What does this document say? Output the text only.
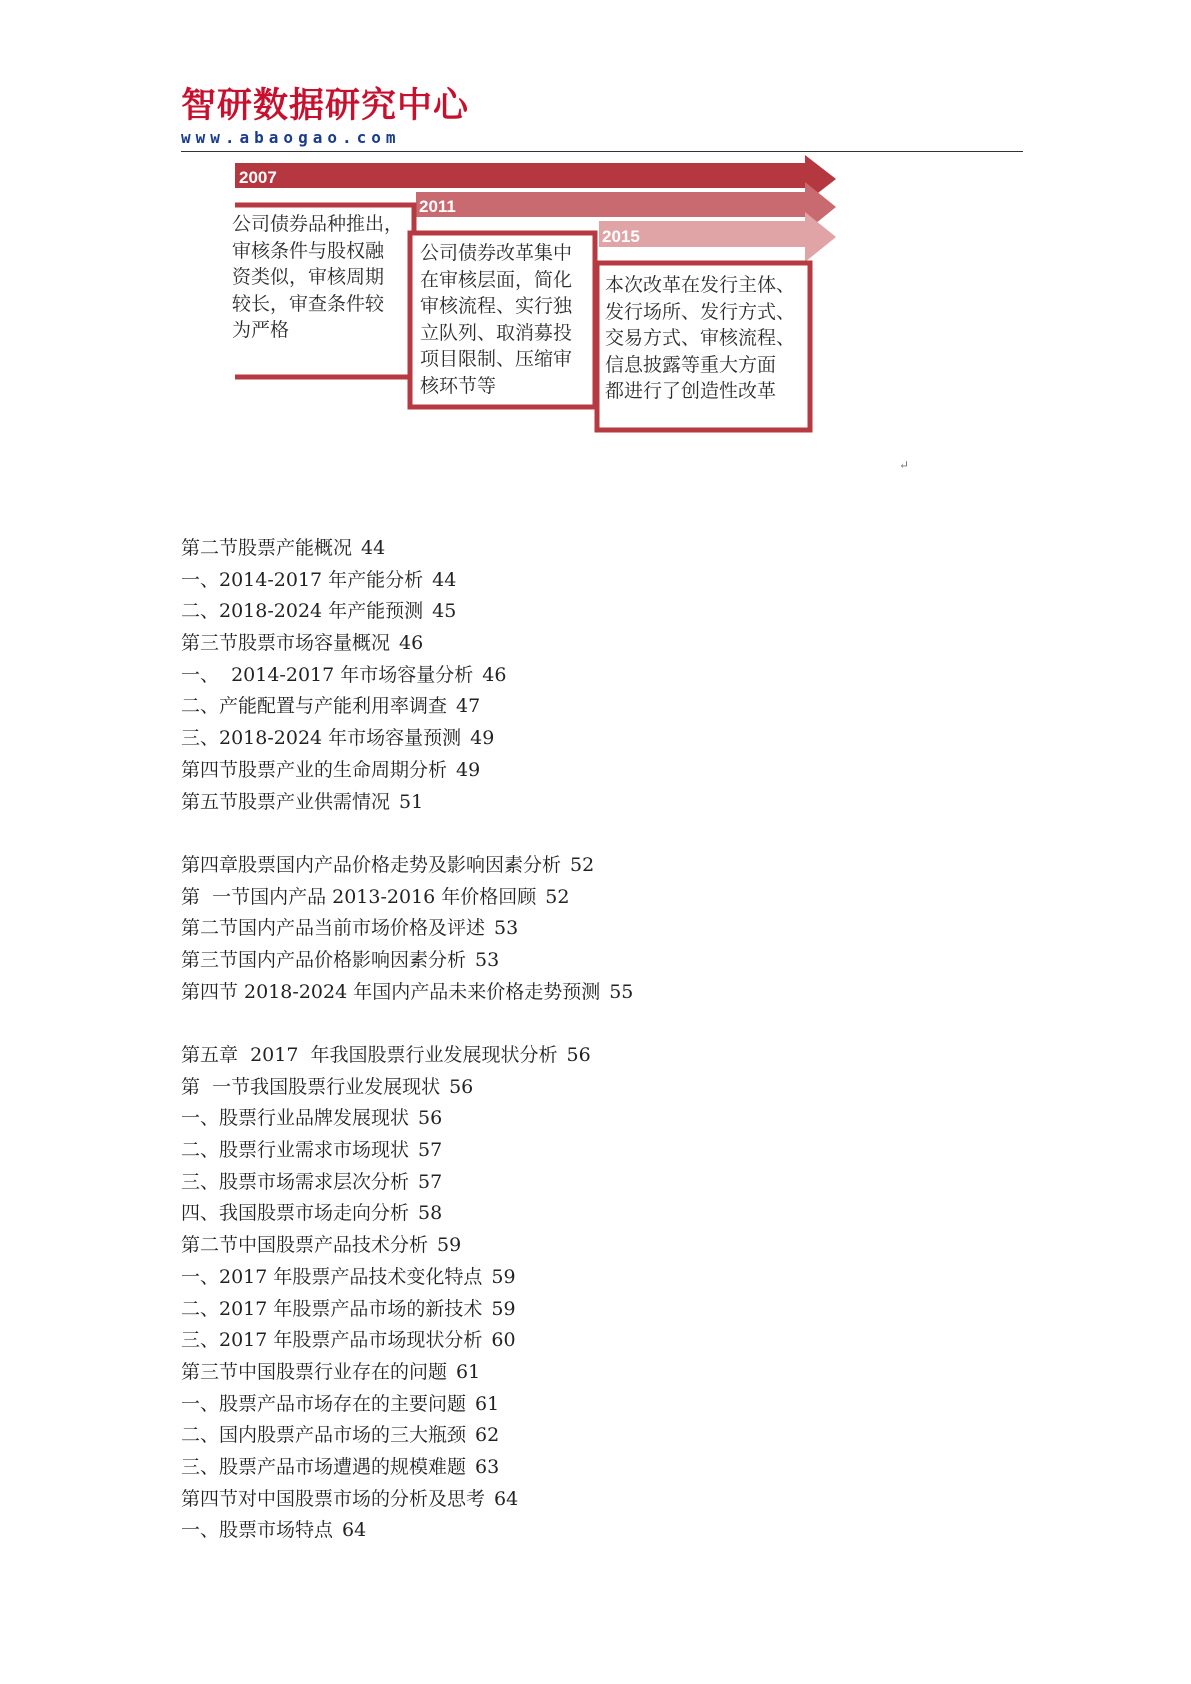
智研数据研究中心
www.abaogao.com
2007
2011
2015
公司债券品种推出，
审核条件与股权融
资类似，审核周期
较长，审查条件较
为严格
公司债券改革集中
在审核层面，简化
审核流程、实行独
立队列、取消募投
项目限制、压缩审
核环节等
本次改革在发行主体、
发行场所、发行方式、
交易方式、审核流程、
信息披露等重大方面
都进行了创造性改革
↵
第二节股票产能概况 44
一、2014-2017 年产能分析 44
二、2018-2024 年产能预测 45
第三节股票市场容量概况 46
一、  2014-2017 年市场容量分析 46
二、产能配置与产能利用率调查 47
三、2018-2024 年市场容量预测 49
第四节股票产业的生命周期分析 49
第五节股票产业供需情况 51
第四章股票国内产品价格走势及影响因素分析 52
第  一节国内产品 2013-2016 年价格回顾 52
第二节国内产品当前市场价格及评述 53
第三节国内产品价格影响因素分析 53
第四节 2018-2024 年国内产品未来价格走势预测 55
第五章  2017  年我国股票行业发展现状分析 56
第  一节我国股票行业发展现状 56
一、股票行业品牌发展现状 56
二、股票行业需求市场现状 57
三、股票市场需求层次分析 57
四、我国股票市场走向分析 58
第二节中国股票产品技术分析 59
一、2017 年股票产品技术变化特点 59
二、2017 年股票产品市场的新技术 59
三、2017 年股票产品市场现状分析 60
第三节中国股票行业存在的问题 61
一、股票产品市场存在的主要问题 61
二、国内股票产品市场的三大瓶颈 62
三、股票产品市场遭遇的规模难题 63
第四节对中国股票市场的分析及思考 64
一、股票市场特点 64
